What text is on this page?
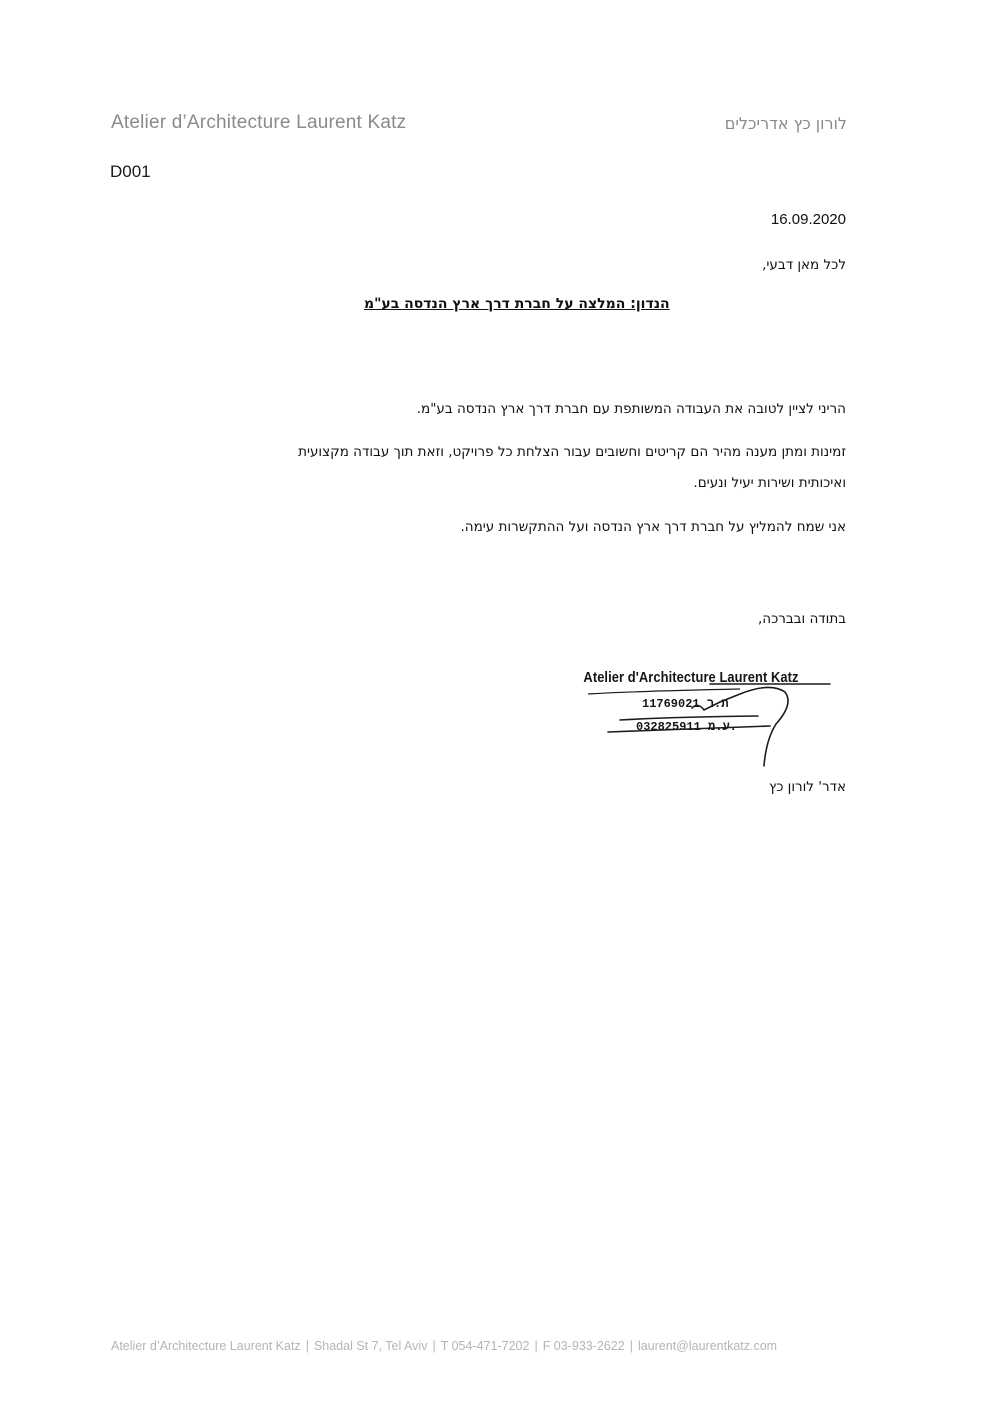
Atelier d’Architecture Laurent Katz	לורון כץ אדריכלים
D001
16.09.2020
לכל מאן דבעי,
הנדון: המלצה על חברת דרך ארץ הנדסה בע"מ
הריני לציין לטובה את העבודה המשותפת עם חברת דרך ארץ הנדסה בע"מ.
זמינות ומתן מענה מהיר הם קריטים וחשובים עבור הצלחת כל פרויקט, וזאת תוך עבודה מקצועית
ואיכותית ושירות יעיל ונעים.
אני שמח להמליץ על חברת דרך ארץ הנדסה ועל ההתקשרות עימה.
בתודה ובברכה,
Atelier d'Architecture Laurent Katz
11769021 ת.ר
032825911 ע.מ.
אדר' לורון כץ
Atelier d’Architecture Laurent Katz | Shadal St 7, Tel Aviv | T 054-471-7202 | F 03-933-2622 | laurent@laurentkatz.com
